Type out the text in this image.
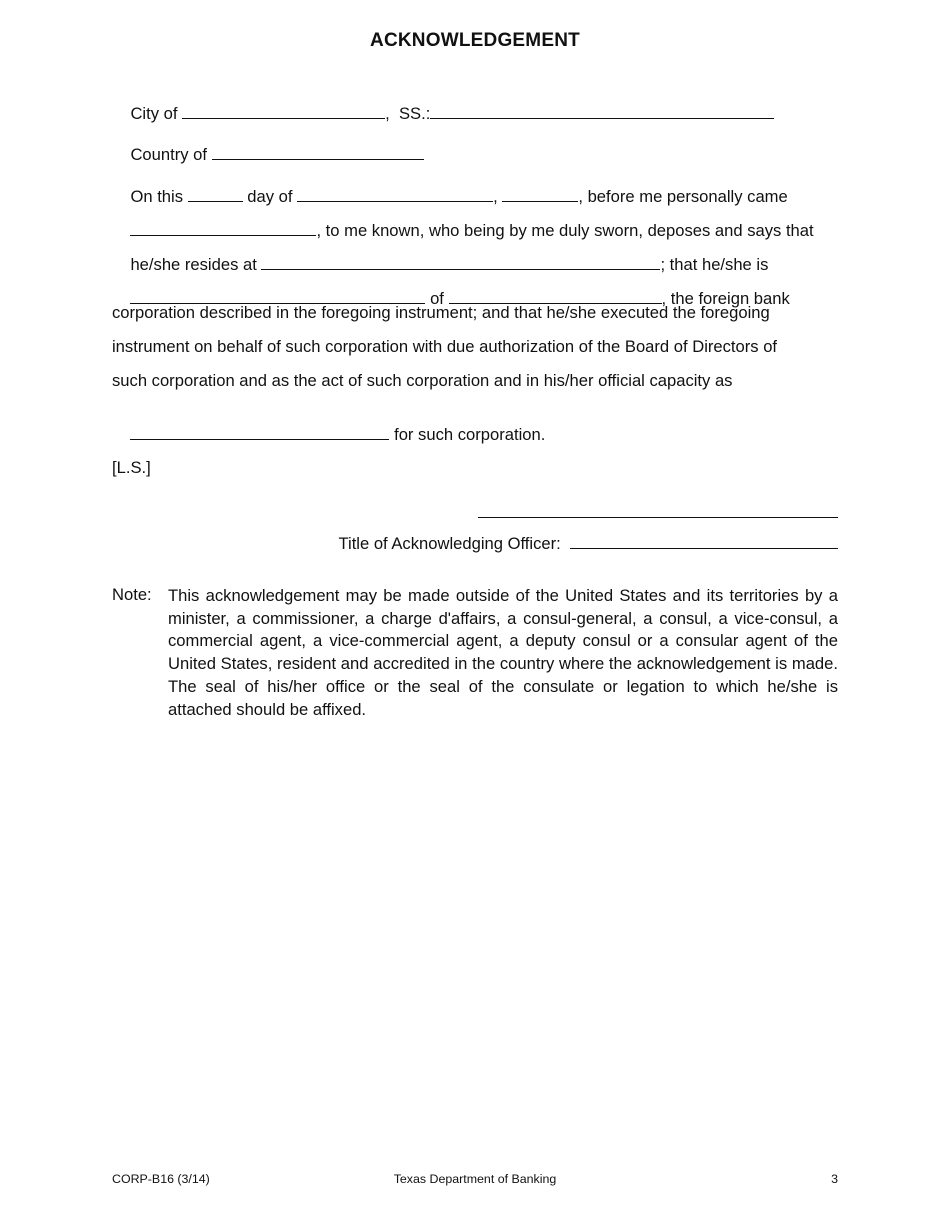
ACKNOWLEDGEMENT

City of	,  SS.:

Country of

On this	day of	,	, before me personally came

, to me known, who being by me duly sworn, deposes and says that

he/she resides at	; that he/she is

of	, the foreign bank

corporation described in the foregoing instrument; and that he/she executed the foregoing
instrument on behalf of such corporation with due authorization of the Board of Directors of
such corporation and as the act of such corporation and in his/her official capacity as

for such corporation.

[L.S.]
Title of Acknowledging Officer:
Note: This acknowledgement may be made outside of the United States and its territories by a minister, a commissioner, a charge d'affairs, a consul-general, a consul, a vice-consul, a commercial agent, a vice-commercial agent, a deputy consul or a consular agent of the United States, resident and accredited in the country where the acknowledgement is made. The seal of his/her office or the seal of the consulate or legation to which he/she is attached should be affixed.
CORP-B16 (3/14)	Texas Department of Banking	3
